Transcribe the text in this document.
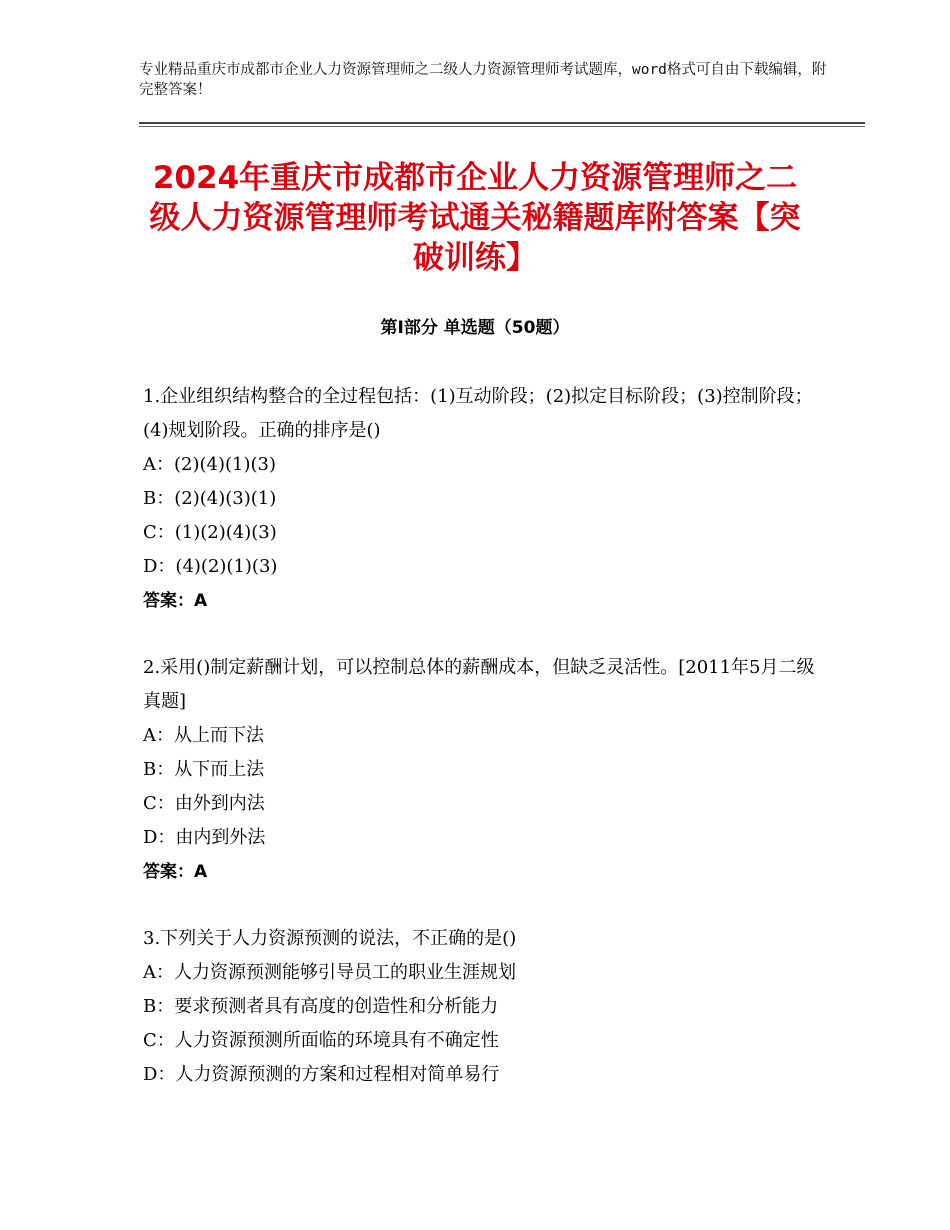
专业精品重庆市成都市企业人力资源管理师之二级人力资源管理师考试题库，word格式可自由下载编辑，附完整答案！
2024年重庆市成都市企业人力资源管理师之二级人力资源管理师考试通关秘籍题库附答案【突破训练】
第Ⅰ部分 单选题（50题）
1.企业组织结构整合的全过程包括：(1)互动阶段；(2)拟定目标阶段；(3)控制阶段；(4)规划阶段。正确的排序是()
A：(2)(4)(1)(3)
B：(2)(4)(3)(1)
C：(1)(2)(4)(3)
D：(4)(2)(1)(3)
答案：A
2.采用()制定薪酬计划，可以控制总体的薪酬成本，但缺乏灵活性。[2011年5月二级真题]
A：从上而下法
B：从下而上法
C：由外到内法
D：由内到外法
答案：A
3.下列关于人力资源预测的说法，不正确的是()
A：人力资源预测能够引导员工的职业生涯规划
B：要求预测者具有高度的创造性和分析能力
C：人力资源预测所面临的环境具有不确定性
D：人力资源预测的方案和过程相对简单易行
